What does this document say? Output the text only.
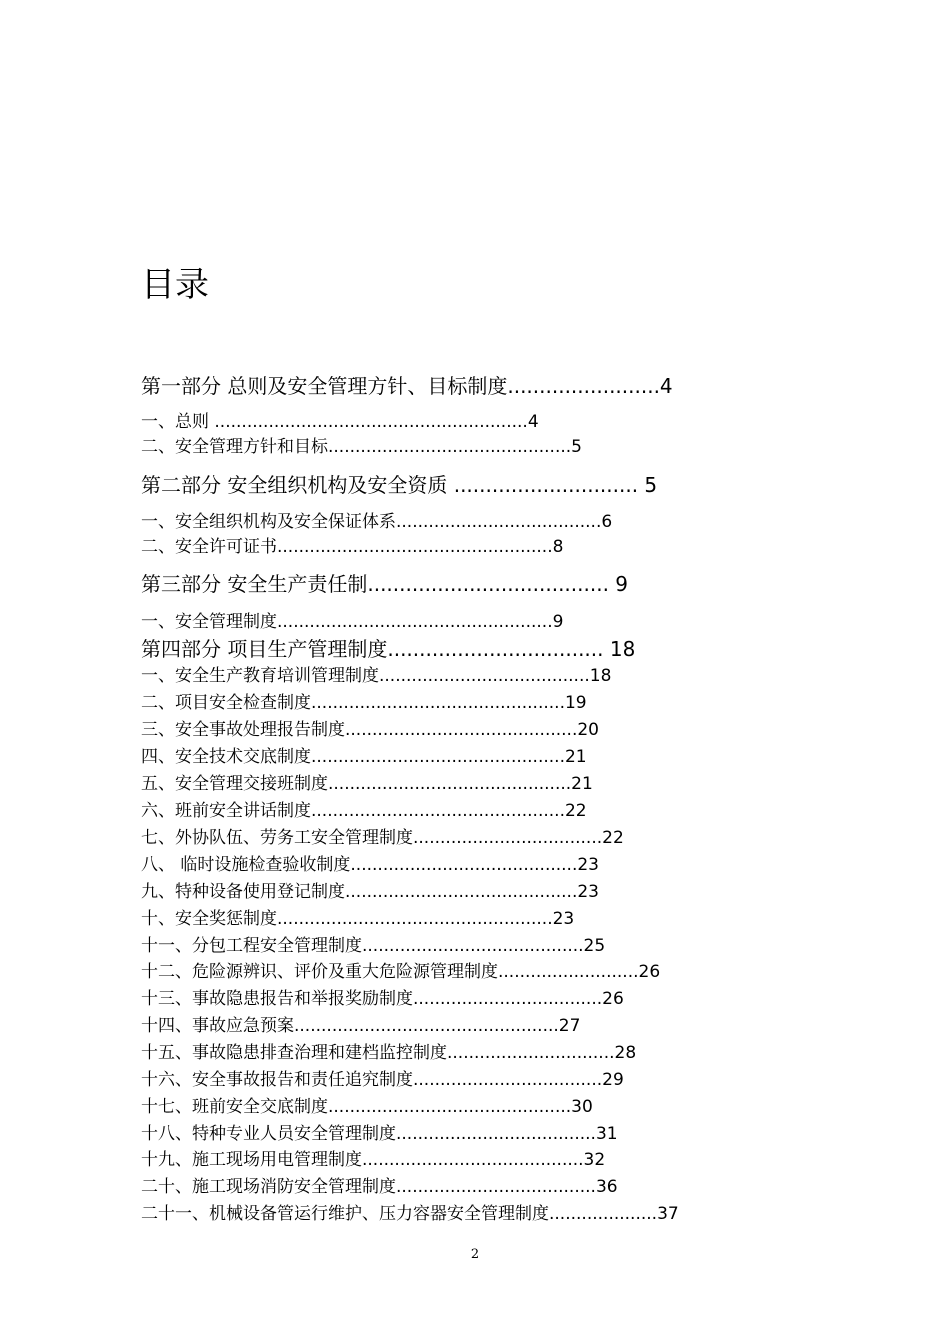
目录
第一部分 总则及安全管理方针、目标制度........................4
一、总则 ..........................................................4
二、安全管理方针和目标.............................................5
第二部分 安全组织机构及安全资质 ............................. 5
一、安全组织机构及安全保证体系......................................6
二、安全许可证书...................................................8
第三部分 安全生产责任制...................................... 9
一、安全管理制度...................................................9
第四部分 项目生产管理制度.................................. 18
一、安全生产教育培训管理制度.......................................18
二、项目安全检查制度...............................................19
三、安全事故处理报告制度...........................................20
四、安全技术交底制度...............................................21
五、安全管理交接班制度.............................................21
六、班前安全讲话制度...............................................22
七、外协队伍、劳务工安全管理制度...................................22
八、 临时设施检查验收制度..........................................23
九、特种设备使用登记制度...........................................23
十、安全奖惩制度...................................................23
十一、分包工程安全管理制度.........................................25
十二、危险源辨识、评价及重大危险源管理制度..........................26
十三、事故隐患报告和举报奖励制度...................................26
十四、事故应急预案.................................................27
十五、事故隐患排查治理和建档监控制度...............................28
十六、安全事故报告和责任追究制度...................................29
十七、班前安全交底制度.............................................30
十八、特种专业人员安全管理制度.....................................31
十九、施工现场用电管理制度.........................................32
二十、施工现场消防安全管理制度.....................................36
二十一、机械设备管运行维护、压力容器安全管理制度....................37
2
